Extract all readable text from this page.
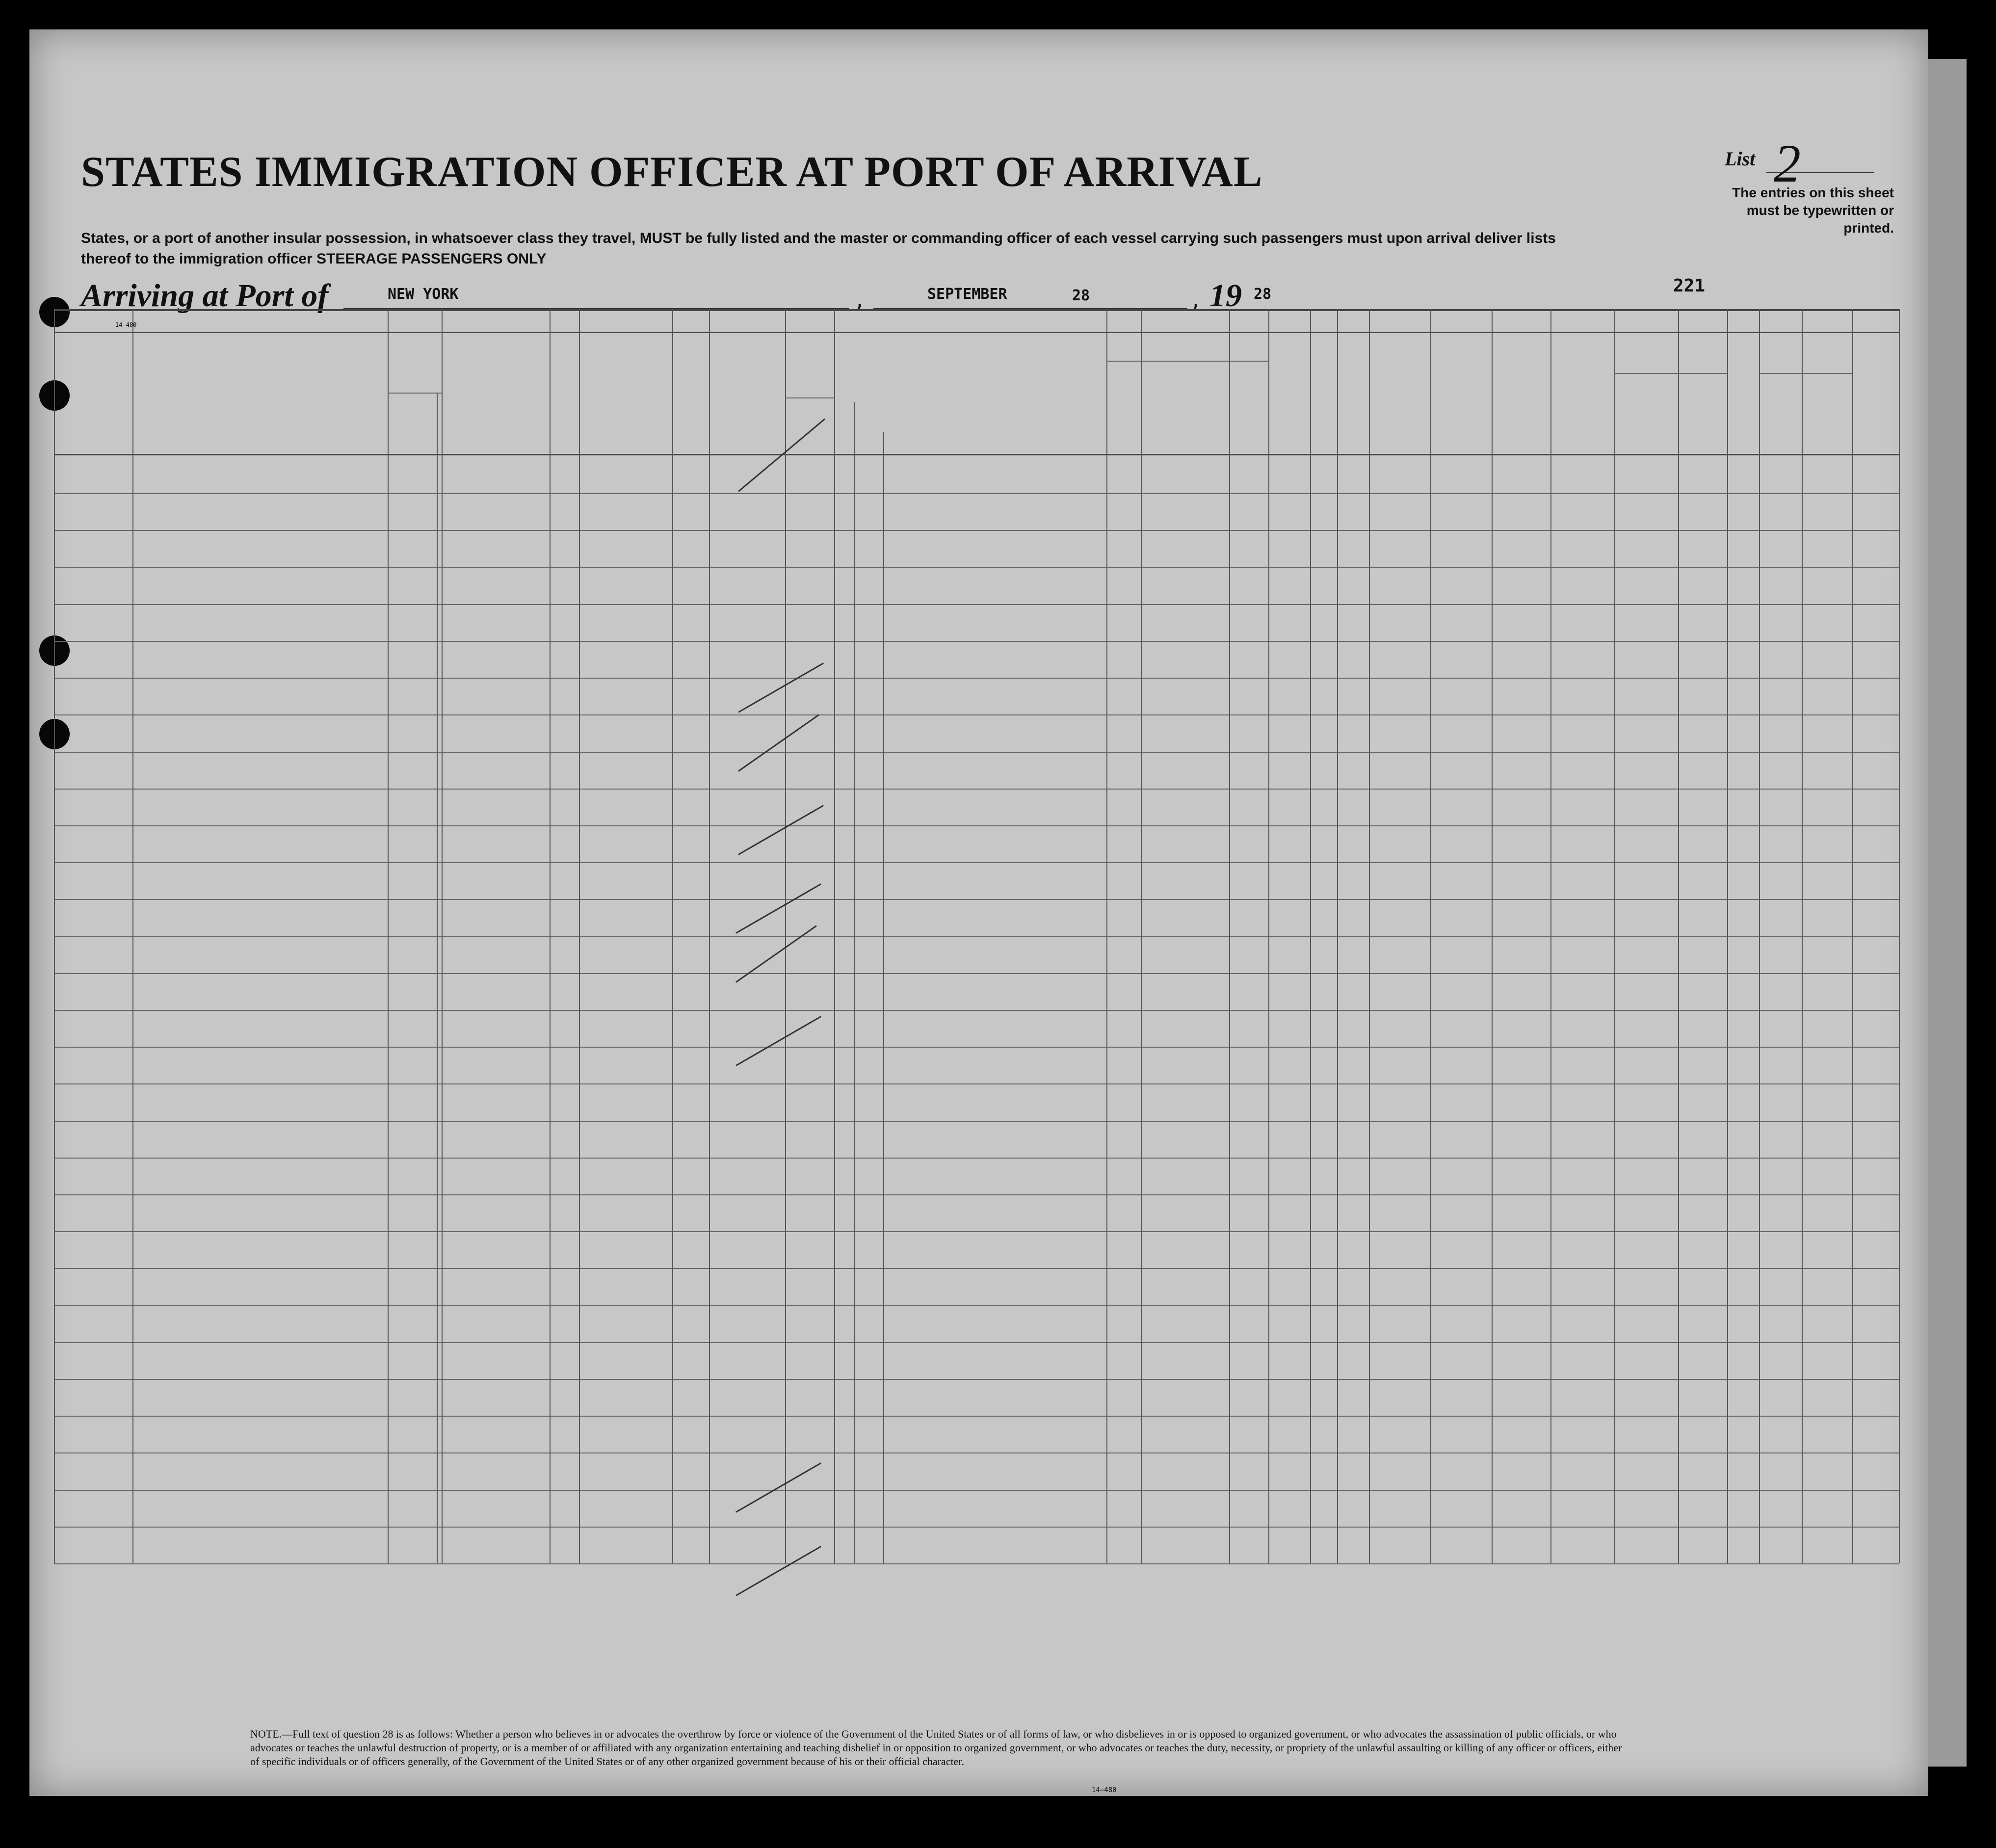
14-480
STATES IMMIGRATION OFFICER AT PORT OF ARRIVAL
States, or a port of another insular possession, in whatsoever class they travel, MUST be fully listed and the master or commanding officer of each vessel carrying such passengers must upon arrival deliver lists thereof to the immigration officer STEERAGE PASSENGERS ONLY
Arriving at Port of	NEW YORK	,	SEPTEMBER	28	, 19 28	221
List 2
The entries on this sheet must be typewritten or printed.
NOTE.—Full text of question 28 is as follows: Whether a person who believes in or advocates the overthrow by force or violence of the Government of the United States or of all forms of law, or who disbelieves in or is opposed to organized government, or who advocates the assassination of public officials, or who advocates or teaches the unlawful destruction of property, or is a member of or affiliated with any organization entertaining and teaching disbelief in or opposition to organized government, or who advocates or teaches the duty, necessity, or propriety of the unlawful assaulting or killing of any officer or officers, either of specific individuals or of officers generally, of the Government of the United States or of any other organized government because of his or their official character.
14—480
